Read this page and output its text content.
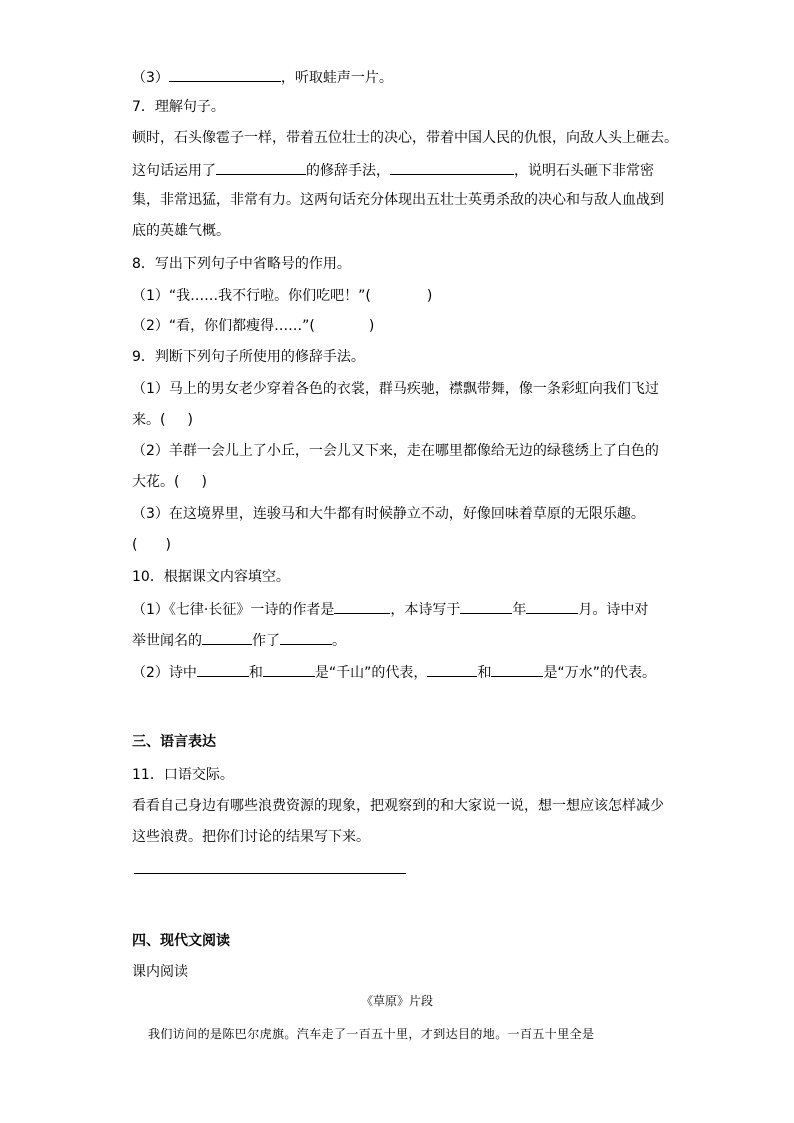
（3）	，听取蛙声一片。
7．理解句子。
顿时，石头像雹子一样，带着五位壮士的决心，带着中国人民的仇恨，向敌人头上砸去。
这句话运用了	的修辞手法，	，说明石头砸下非常密
集，非常迅猛，非常有力。这两句话充分体现出五壮士英勇杀敌的决心和与敌人血战到
底的英雄气概。
8．写出下列句子中省略号的作用。
（1）“我……我不行啦。你们吃吧！”(	)
（2）“看，你们都瘦得……”(	)
9．判断下列句子所使用的修辞手法。
（1）马上的男女老少穿着各色的衣裳，群马疾驰，襟飘带舞，像一条彩虹向我们飞过
来。( )
（2）羊群一会儿上了小丘，一会儿又下来，走在哪里都像给无边的绿毯绣上了白色的
大花。( )
（3）在这境界里，连骏马和大牛都有时候静立不动，好像回味着草原的无限乐趣。
( )
10．根据课文内容填空。
（1）《七律·长征》一诗的作者是	，本诗写于	年	月。诗中对
举世闻名的	作了	。
（2）诗中	和	是“千山”的代表，	和	是“万水”的代表。
三、语言表达
11．口语交际。
看看自己身边有哪些浪费资源的现象，把观察到的和大家说一说，想一想应该怎样减少
这些浪费。把你们讨论的结果写下来。
四、现代文阅读
课内阅读
《草原》片段
我们访问的是陈巴尔虎旗。汽车走了一百五十里，才到达目的地。一百五十里全是
